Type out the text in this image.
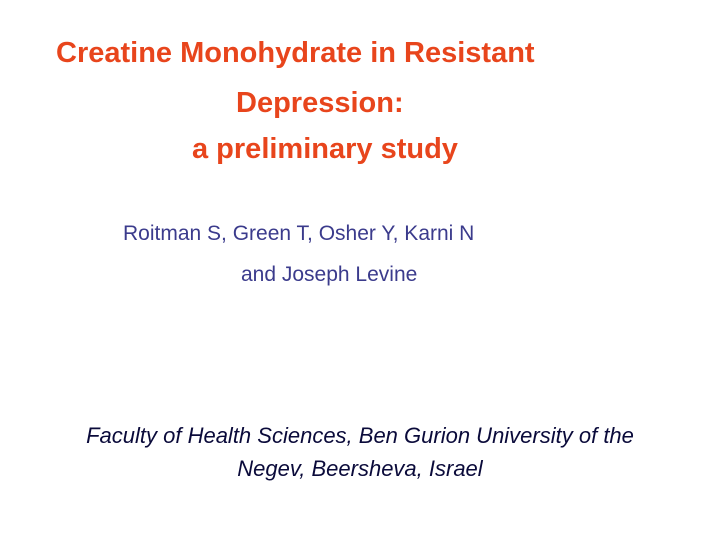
Creatine Monohydrate in Resistant
Depression:
a preliminary study
Roitman S, Green T, Osher Y, Karni N
and Joseph Levine
Faculty of Health Sciences, Ben Gurion University of the
Negev, Beersheva, Israel
